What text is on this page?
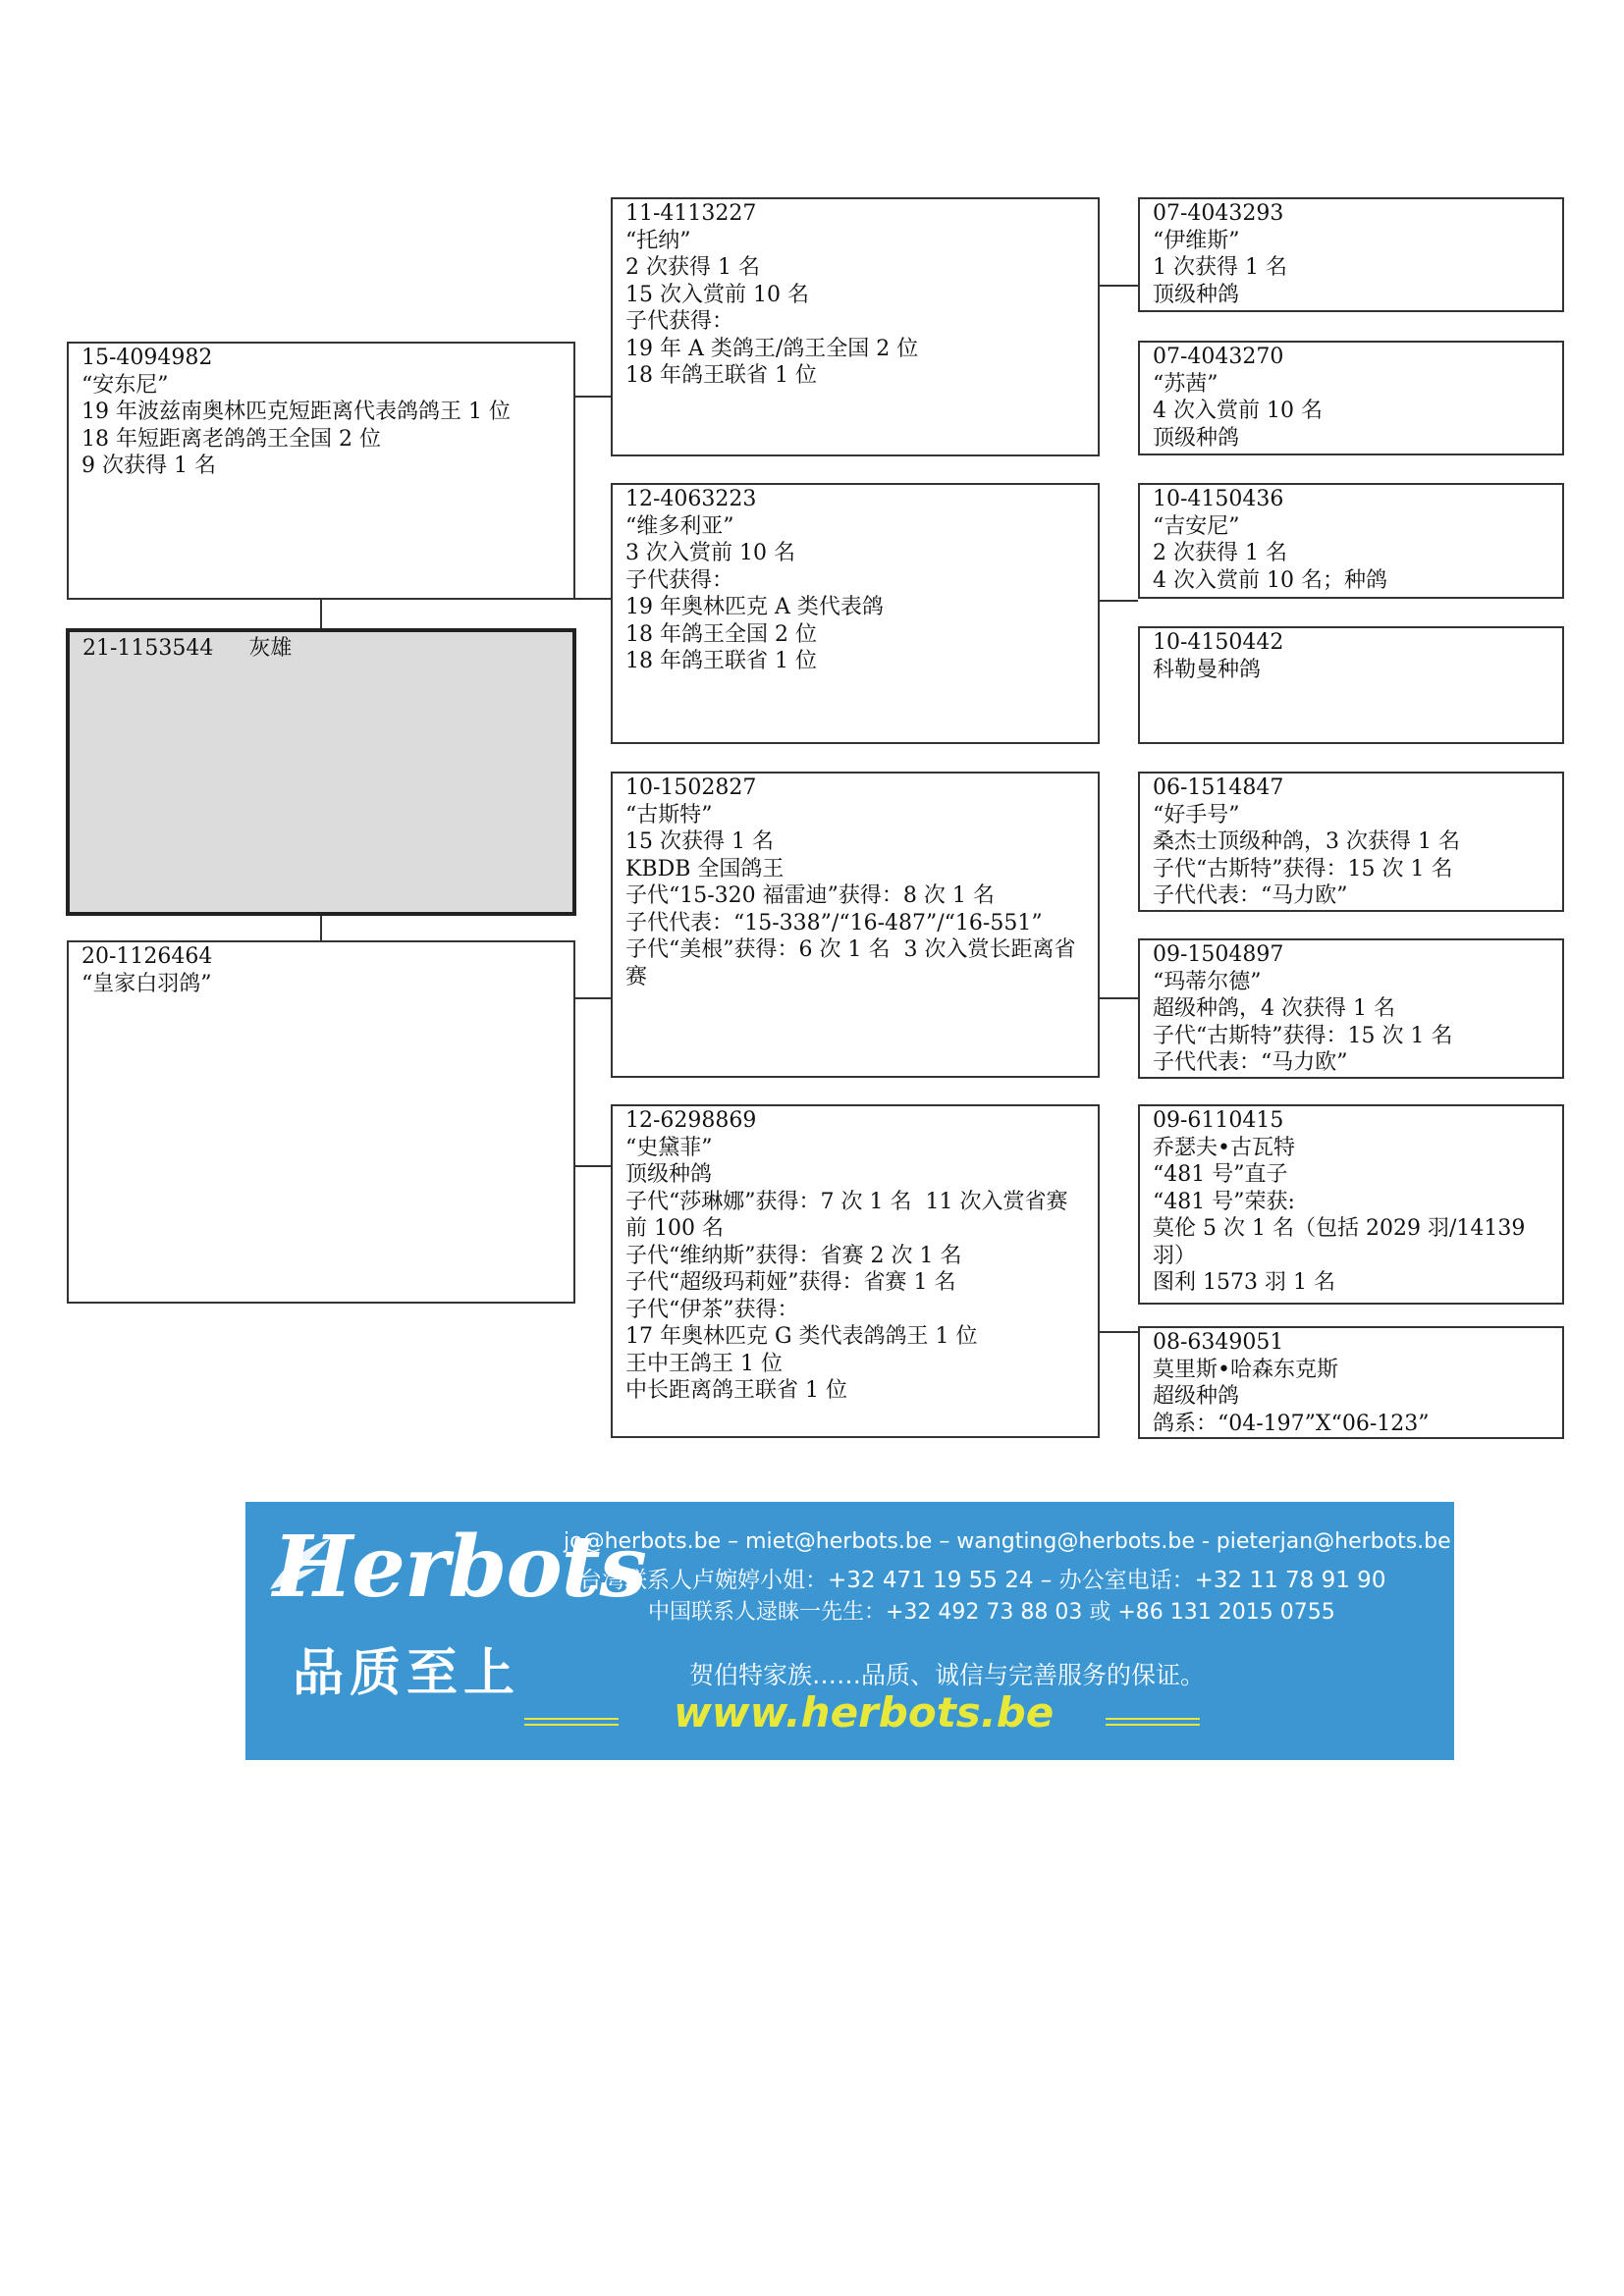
15-4094982
“安东尼”
19 年波兹南奥林匹克短距离代表鸽鸽王 1 位
18 年短距离老鸽鸽王全国 2 位
9 次获得 1 名
21-1153544 灰雄
20-1126464
“皇家白羽鸽”
11-4113227
“托纳”
2 次获得 1 名
15 次入赏前 10 名
子代获得：
19 年 A 类鸽王/鸽王全国 2 位
18 年鸽王联省 1 位
12-4063223
“维多利亚”
3 次入赏前 10 名
子代获得：
19 年奥林匹克 A 类代表鸽
18 年鸽王全国 2 位
18 年鸽王联省 1 位
10-1502827
“古斯特”
15 次获得 1 名
KBDB 全国鸽王
子代“15-320 福雷迪”获得：8 次 1 名
子代代表：“15-338”/“16-487”/“16-551”
子代“美根”获得：6 次 1 名  3 次入赏长距离省赛
12-6298869
“史黛菲”
顶级种鸽
子代“莎琳娜”获得：7 次 1 名  11 次入赏省赛前 100 名
子代“维纳斯”获得：省赛 2 次 1 名
子代“超级玛莉娅”获得：省赛 1 名
子代“伊茶”获得：
17 年奥林匹克 G 类代表鸽鸽王 1 位
王中王鸽王 1 位
中长距离鸽王联省 1 位
07-4043293
“伊维斯”
1 次获得 1 名
顶级种鸽
07-4043270
“苏茜”
4 次入赏前 10 名
顶级种鸽
10-4150436
“吉安尼”
2 次获得 1 名
4 次入赏前 10 名；种鸽
10-4150442
科勒曼种鸽
06-1514847
“好手号”
桑杰士顶级种鸽，3 次获得 1 名
子代“古斯特”获得：15 次 1 名
子代代表：“马力欧”
09-1504897
“玛蒂尔德”
超级种鸽，4 次获得 1 名
子代“古斯特”获得：15 次 1 名
子代代表：“马力欧”
09-6110415
乔瑟夫•古瓦特
“481 号”直子
“481 号”荣获:
莫伦 5 次 1 名（包括 2029 羽/14139 羽）
图利 1573 羽 1 名
08-6349051
莫里斯•哈森东克斯
超级种鸽
鸽系：“04-197”X“06-123”
Herbots
品质至上
jo@herbots.be – miet@herbots.be – wangting@herbots.be - pieterjan@herbots.be
台湾联系人卢婉婷小姐：+32 471 19 55 24 – 办公室电话：+32 11 78 91 90
中国联系人逯睐一先生：+32 492 73 88 03 或 +86 131 2015 0755
贺伯特家族……品质、诚信与完善服务的保证。
www.herbots.be
